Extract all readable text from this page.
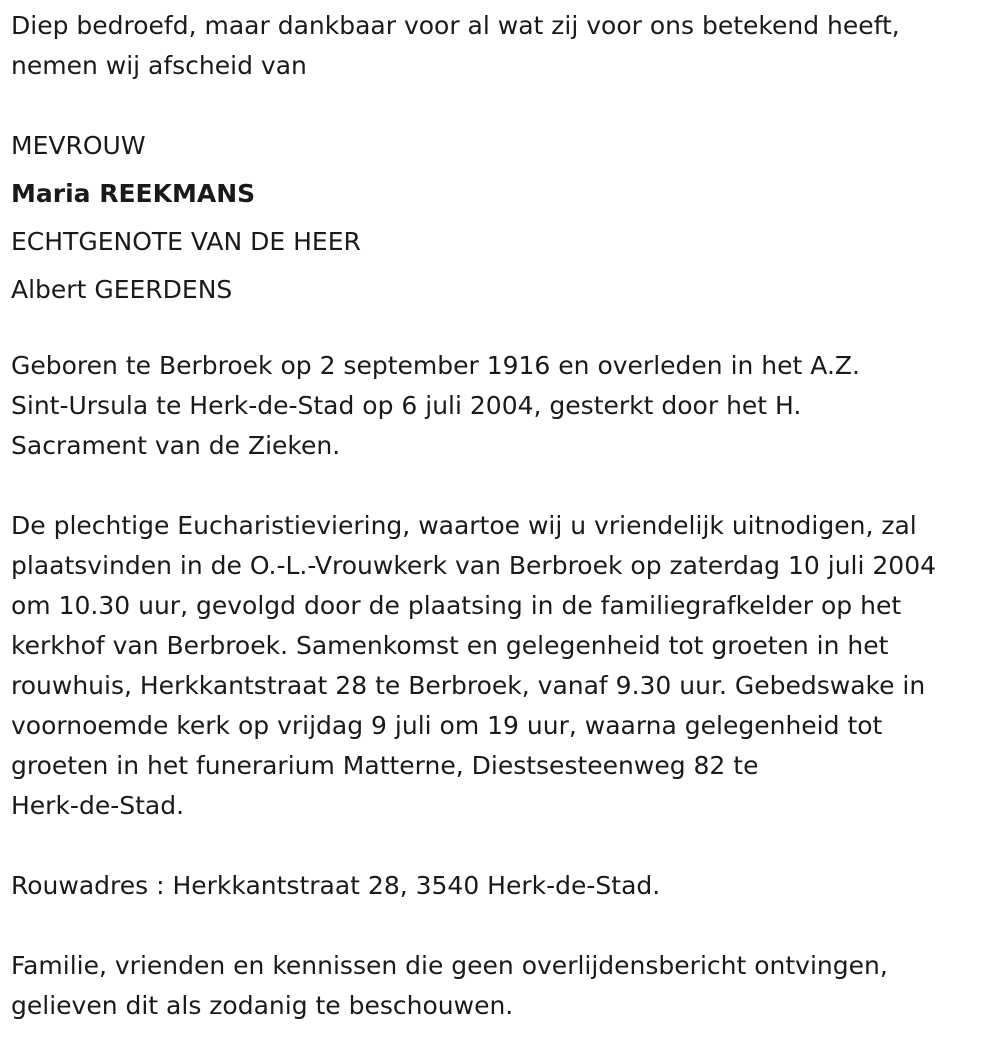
Diep bedroefd, maar dankbaar voor al wat zij voor ons betekend heeft,
nemen wij afscheid van

MEVROUW
Maria REEKMANS
ECHTGENOTE VAN DE HEER
Albert GEERDENS

Geboren te Berbroek op 2 september 1916 en overleden in het A.Z.
Sint-Ursula te Herk-de-Stad op 6 juli 2004, gesterkt door het H.
Sacrament van de Zieken.

De plechtige Eucharistieviering, waartoe wij u vriendelijk uitnodigen, zal
plaatsvinden in de O.-L.-Vrouwkerk van Berbroek op zaterdag 10 juli 2004
om 10.30 uur, gevolgd door de plaatsing in de familiegrafkelder op het
kerkhof van Berbroek. Samenkomst en gelegenheid tot groeten in het
rouwhuis, Herkkantstraat 28 te Berbroek, vanaf 9.30 uur. Gebedswake in
voornoemde kerk op vrijdag 9 juli om 19 uur, waarna gelegenheid tot
groeten in het funerarium Matterne, Diestsesteenweg 82 te
Herk-de-Stad.

Rouwadres : Herkkantstraat 28, 3540 Herk-de-Stad.

Familie, vrienden en kennissen die geen overlijdensbericht ontvingen,
gelieven dit als zodanig te beschouwen.
